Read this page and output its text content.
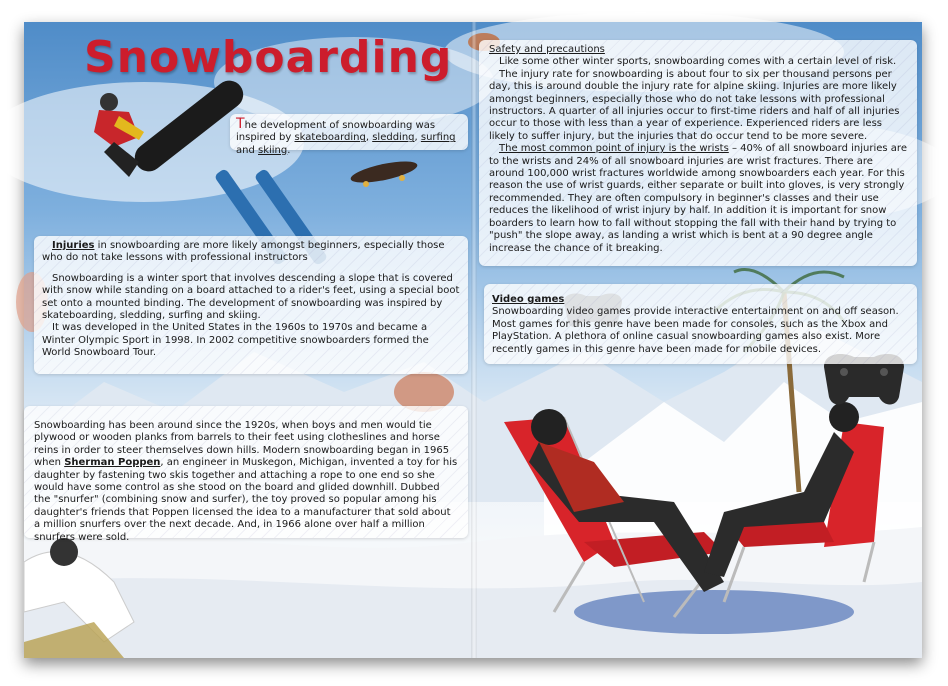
Snowboarding
The development of snowboarding was inspired by skateboarding, sledding, surfing and skiing.

Injuries in snowboarding are more likely amongst beginners, especially those who do not take lessons with professional instructors

Snowboarding is a winter sport that involves descending a slope that is covered with snow while standing on a board attached to a rider's feet, using a special boot set onto a mounted binding. The development of snowboarding was inspired by skateboarding, sledding, surfing and skiing.

It was developed in the United States in the 1960s to 1970s and became a Winter Olympic Sport in 1998. In 2002 competitive snowboarders formed the World Snowboard Tour.

Snowboarding has been around since the 1920s, when boys and men would tie plywood or wooden planks from barrels to their feet using clotheslines and horse reins in order to steer themselves down hills. Modern snowboarding began in 1965 when Sherman Poppen, an engineer in Muskegon, Michigan, invented a toy for his daughter by fastening two skis together and attaching a rope to one end so she would have some control as she stood on the board and glided downhill. Dubbed the "snurfer" (combining snow and surfer), the toy proved so popular among his daughter's friends that Poppen licensed the idea to a manufacturer that sold about a million snurfers over the next decade. And, in 1966 alone over half a million snurfers were sold.
Safety and precautions

Like some other winter sports, snowboarding comes with a certain level of risk.

The injury rate for snowboarding is about four to six per thousand persons per day, this is around double the injury rate for alpine skiing. Injuries are more likely amongst beginners, especially those who do not take lessons with professional instructors. A quarter of all injuries occur to first-time riders and half of all injuries occur to those with less than a year of experience. Experienced riders are less likely to suffer injury, but the injuries that do occur tend to be more severe.

The most common point of injury is the wrists – 40% of all snowboard injuries are to the wrists and 24% of all snowboard injuries are wrist fractures. There are around 100,000 wrist fractures worldwide among snowboarders each year. For this reason the use of wrist guards, either separate or built into gloves, is very strongly recommended. They are often compulsory in beginner's classes and their use reduces the likelihood of wrist injury by half. In addition it is important for snow boarders to learn how to fall without stopping the fall with their hand by trying to "push" the slope away, as landing a wrist which is bent at a 90 degree angle increase the chance of it breaking.

Video games
Snowboarding video games provide interactive entertainment on and off season. Most games for this genre have been made for consoles, such as the Xbox and PlayStation. A plethora of online casual snowboarding games also exist. More recently games in this genre have been made for mobile devices.
